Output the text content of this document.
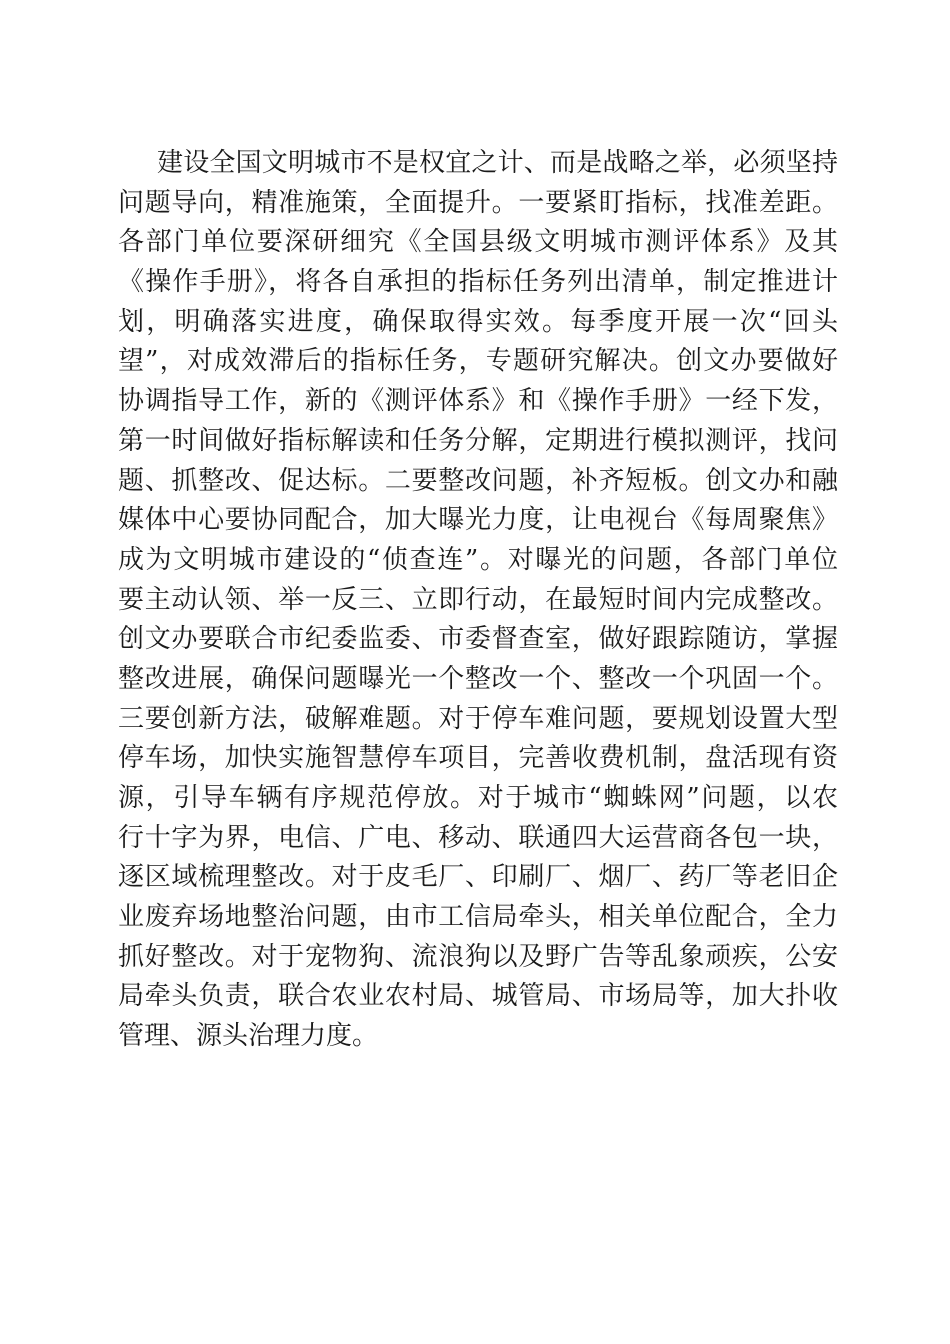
建设全国文明城市不是权宜之计、而是战略之举，必须坚持
问题导向，精准施策，全面提升。一要紧盯指标，找准差距。
各部门单位要深研细究《全国县级文明城市测评体系》及其
《操作手册》，将各自承担的指标任务列出清单，制定推进计
划，明确落实进度，确保取得实效。每季度开展一次“回头
望”，对成效滞后的指标任务，专题研究解决。创文办要做好
协调指导工作，新的《测评体系》和《操作手册》一经下发，
第一时间做好指标解读和任务分解，定期进行模拟测评，找问
题、抓整改、促达标。二要整改问题，补齐短板。创文办和融
媒体中心要协同配合，加大曝光力度，让电视台《每周聚焦》
成为文明城市建设的“侦查连”。对曝光的问题，各部门单位
要主动认领、举一反三、立即行动，在最短时间内完成整改。
创文办要联合市纪委监委、市委督查室，做好跟踪随访，掌握
整改进展，确保问题曝光一个整改一个、整改一个巩固一个。
三要创新方法，破解难题。对于停车难问题，要规划设置大型
停车场，加快实施智慧停车项目，完善收费机制，盘活现有资
源，引导车辆有序规范停放。对于城市“蜘蛛网”问题，以农
行十字为界，电信、广电、移动、联通四大运营商各包一块，
逐区域梳理整改。对于皮毛厂、印刷厂、烟厂、药厂等老旧企
业废弃场地整治问题，由市工信局牵头，相关单位配合，全力
抓好整改。对于宠物狗、流浪狗以及野广告等乱象顽疾，公安
局牵头负责，联合农业农村局、城管局、市场局等，加大扑收
管理、源头治理力度。
